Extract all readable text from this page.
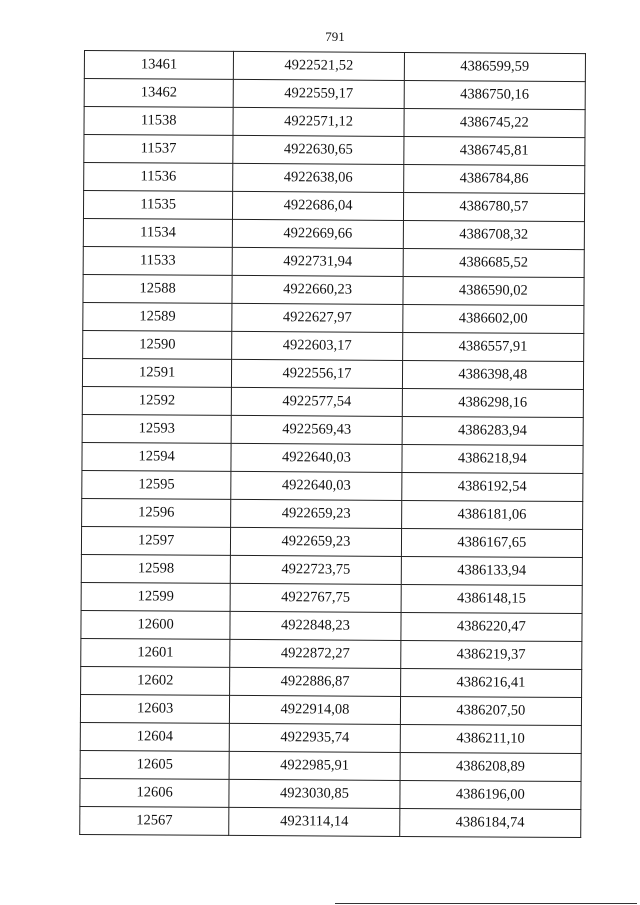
791
13461	4922521,52	4386599,59
13462	4922559,17	4386750,16
11538	4922571,12	4386745,22
11537	4922630,65	4386745,81
11536	4922638,06	4386784,86
11535	4922686,04	4386780,57
11534	4922669,66	4386708,32
11533	4922731,94	4386685,52
12588	4922660,23	4386590,02
12589	4922627,97	4386602,00
12590	4922603,17	4386557,91
12591	4922556,17	4386398,48
12592	4922577,54	4386298,16
12593	4922569,43	4386283,94
12594	4922640,03	4386218,94
12595	4922640,03	4386192,54
12596	4922659,23	4386181,06
12597	4922659,23	4386167,65
12598	4922723,75	4386133,94
12599	4922767,75	4386148,15
12600	4922848,23	4386220,47
12601	4922872,27	4386219,37
12602	4922886,87	4386216,41
12603	4922914,08	4386207,50
12604	4922935,74	4386211,10
12605	4922985,91	4386208,89
12606	4923030,85	4386196,00
12567	4923114,14	4386184,74
